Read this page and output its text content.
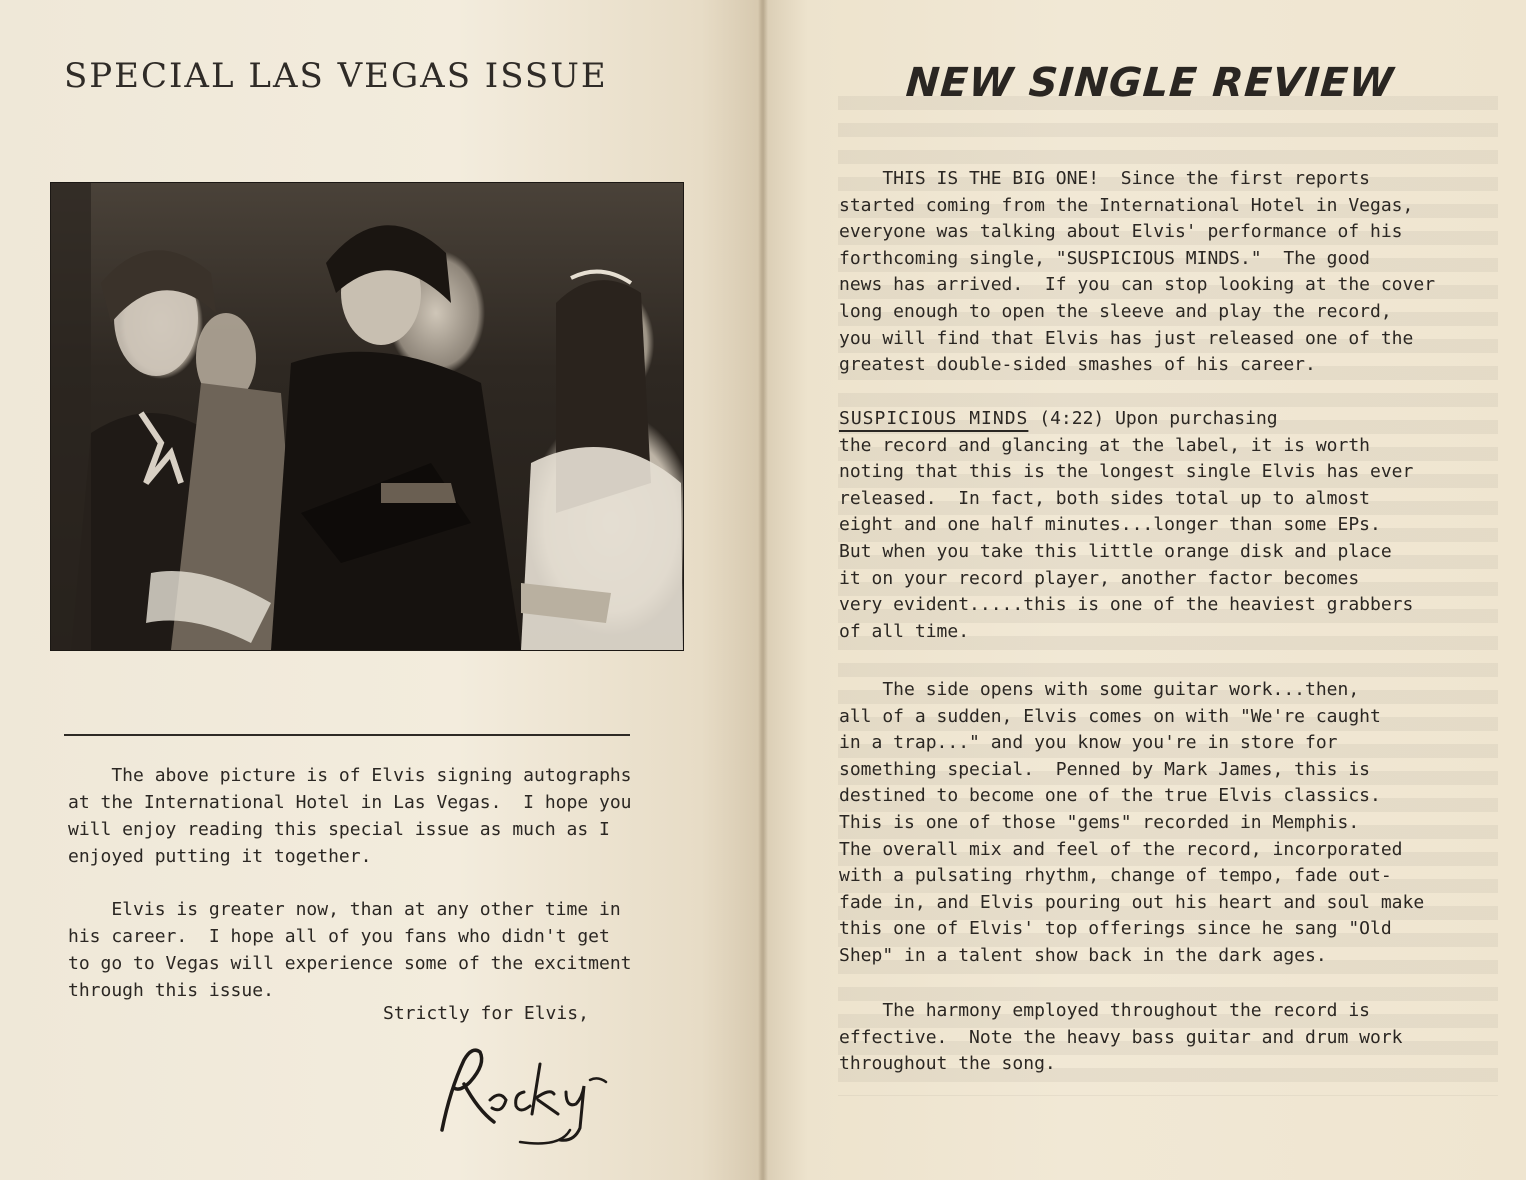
SPECIAL LAS VEGAS ISSUE
The above picture is of Elvis signing autographs
at the International Hotel in Las Vegas.  I hope you
will enjoy reading this special issue as much as I
enjoyed putting it together.
Elvis is greater now, than at any other time in
his career.  I hope all of you fans who didn't get
to go to Vegas will experience some of the excitment
through this issue.
Strictly for Elvis,
NEW SINGLE REVIEW
THIS IS THE BIG ONE!  Since the first reports
started coming from the International Hotel in Vegas,
everyone was talking about Elvis' performance of his
forthcoming single, "SUSPICIOUS MINDS."  The good
news has arrived.  If you can stop looking at the cover
long enough to open the sleeve and play the record,
you will find that Elvis has just released one of the
greatest double-sided smashes of his career.
SUSPICIOUS MINDS (4:22) Upon purchasing
the record and glancing at the label, it is worth
noting that this is the longest single Elvis has ever
released.  In fact, both sides total up to almost
eight and one half minutes...longer than some EPs.
But when you take this little orange disk and place
it on your record player, another factor becomes
very evident.....this is one of the heaviest grabbers
of all time.
The side opens with some guitar work...then,
all of a sudden, Elvis comes on with "We're caught
in a trap..." and you know you're in store for
something special.  Penned by Mark James, this is
destined to become one of the true Elvis classics.
This is one of those "gems" recorded in Memphis.
The overall mix and feel of the record, incorporated
with a pulsating rhythm, change of tempo, fade out-
fade in, and Elvis pouring out his heart and soul make
this one of Elvis' top offerings since he sang "Old
Shep" in a talent show back in the dark ages.
The harmony employed throughout the record is
effective.  Note the heavy bass guitar and drum work
throughout the song.
